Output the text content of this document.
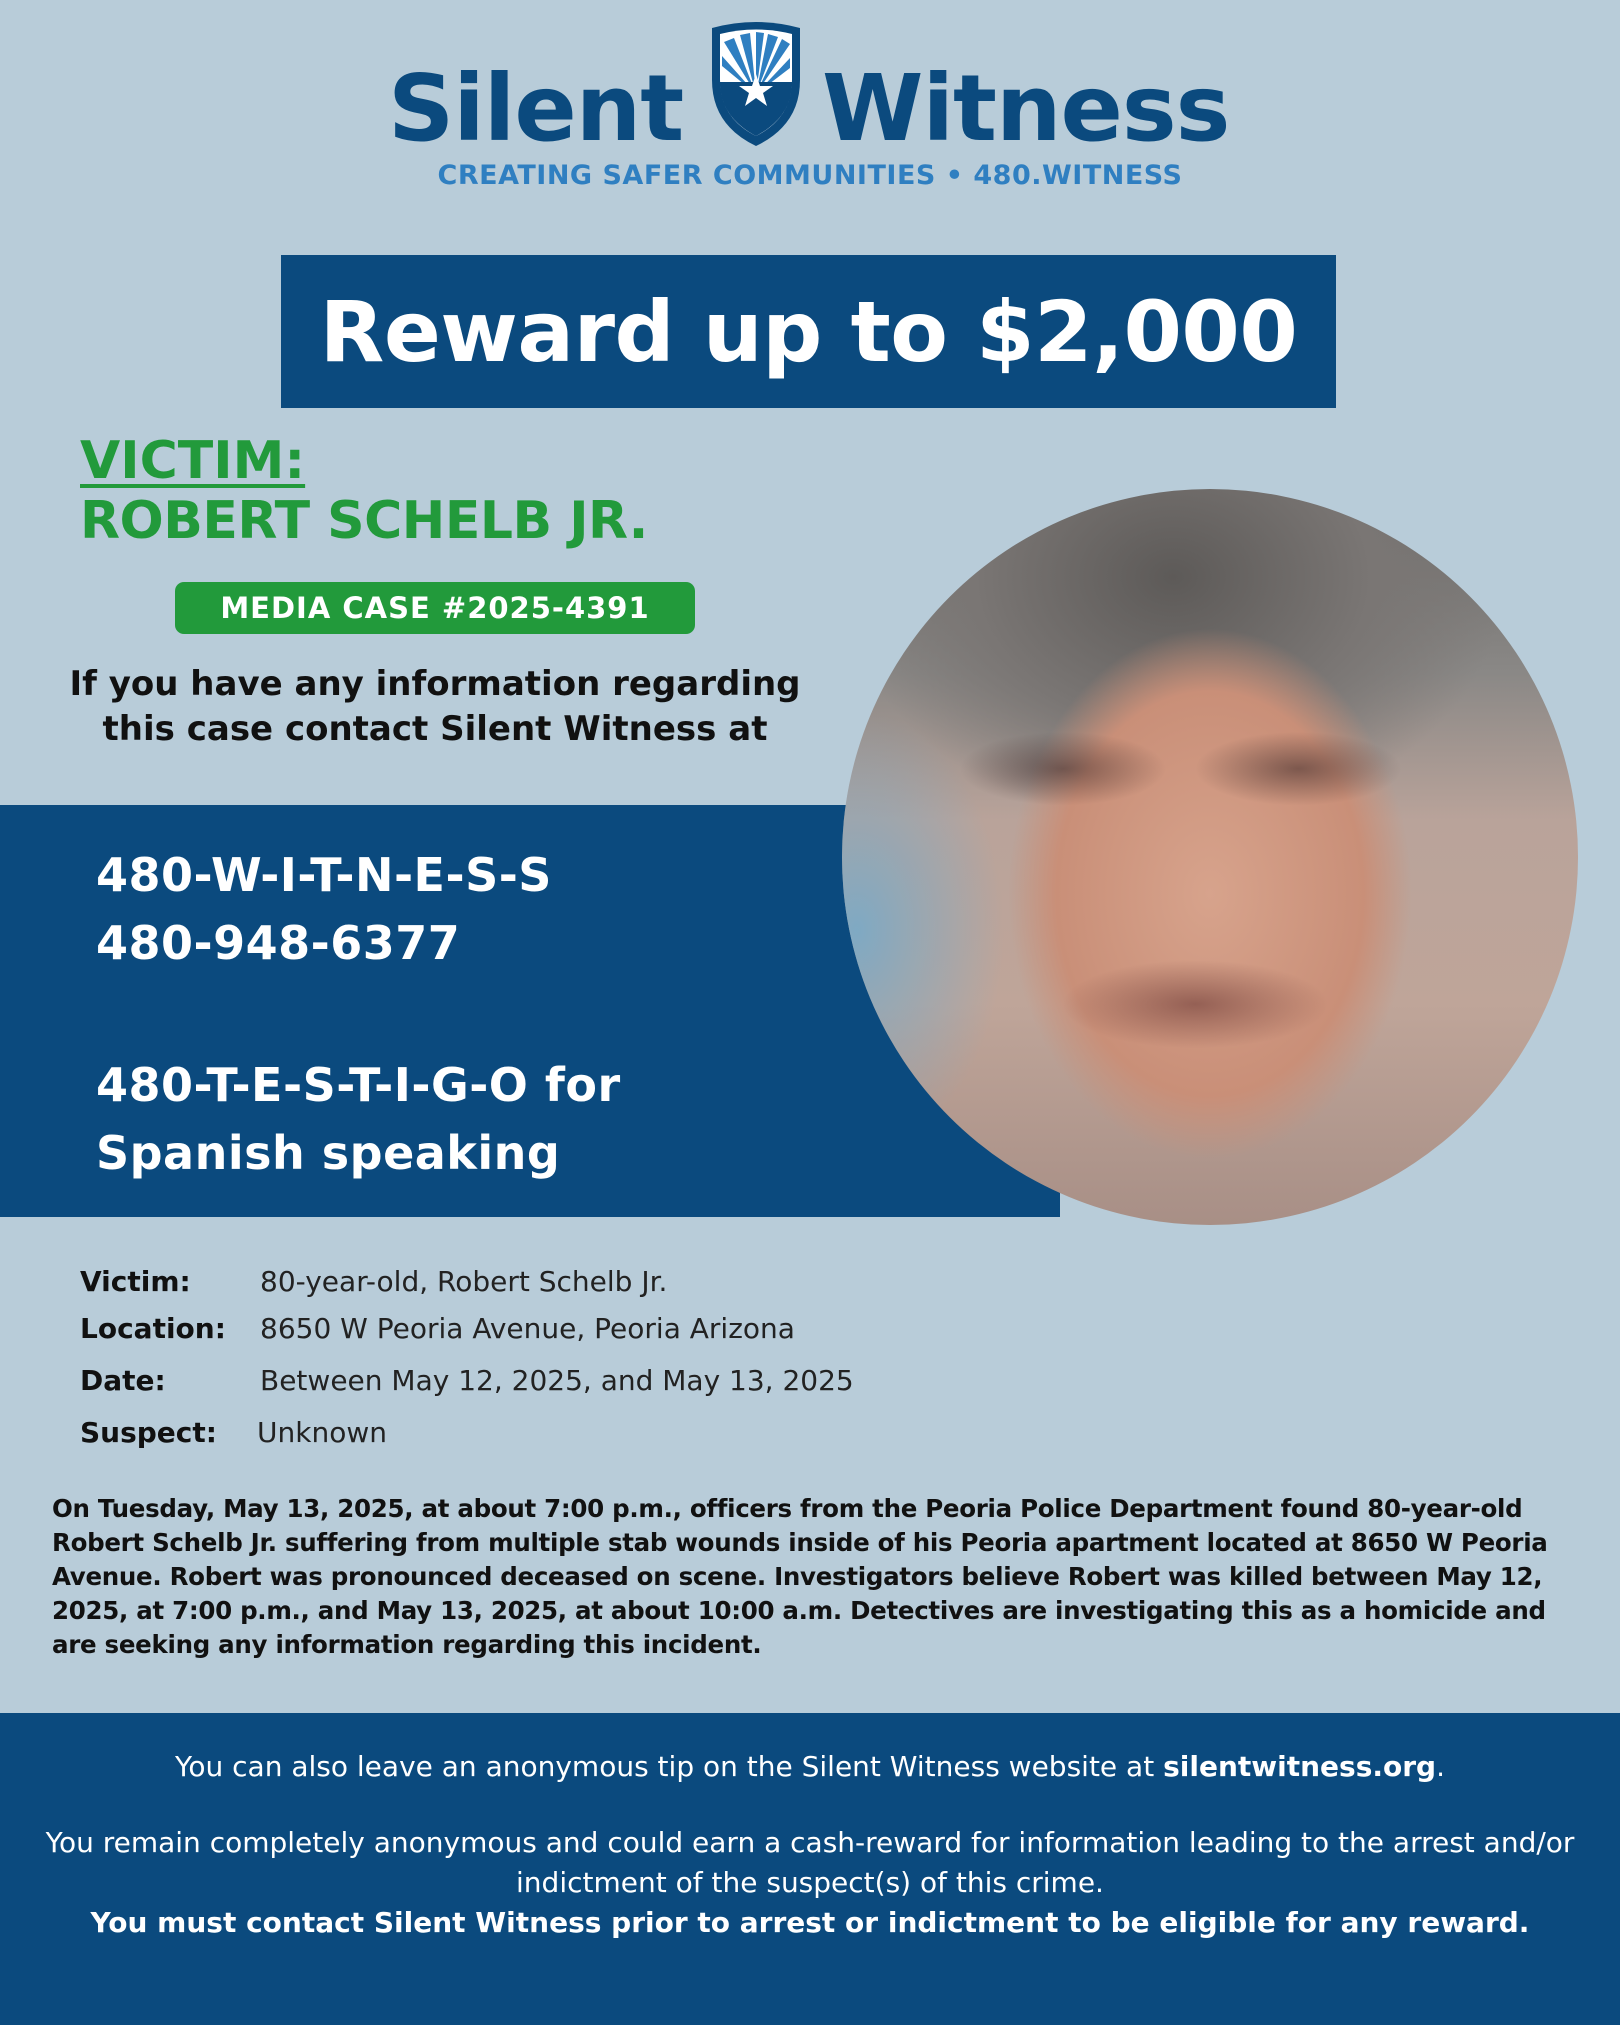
Silent Witness
CREATING SAFER COMMUNITIES • 480.WITNESS
Reward up to $2,000
VICTIM:
ROBERT SCHELB JR.
MEDIA CASE #2025-4391
If you have any information regarding
this case contact Silent Witness at
480-W-I-T-N-E-S-S
480-948-6377
480-T-E-S-T-I-G-O for
Spanish speaking
Victim: 80-year-old, Robert Schelb Jr.
Location: 8650 W Peoria Avenue, Peoria Arizona
Date:	Between May 12, 2025, and May 13, 2025
Suspect: Unknown
On Tuesday, May 13, 2025, at about 7:00 p.m., officers from the Peoria Police Department found 80-year-old Robert Schelb Jr. suffering from multiple stab wounds inside of his Peoria apartment located at 8650 W Peoria Avenue. Robert was pronounced deceased on scene. Investigators believe Robert was killed between May 12, 2025, at 7:00 p.m., and May 13, 2025, at about 10:00 a.m. Detectives are investigating this as a homicide and are seeking any information regarding this incident.
You can also leave an anonymous tip on the Silent Witness website at silentwitness.org.
You remain completely anonymous and could earn a cash-reward for information leading to the arrest and/or indictment of the suspect(s) of this crime.
You must contact Silent Witness prior to arrest or indictment to be eligible for any reward.
